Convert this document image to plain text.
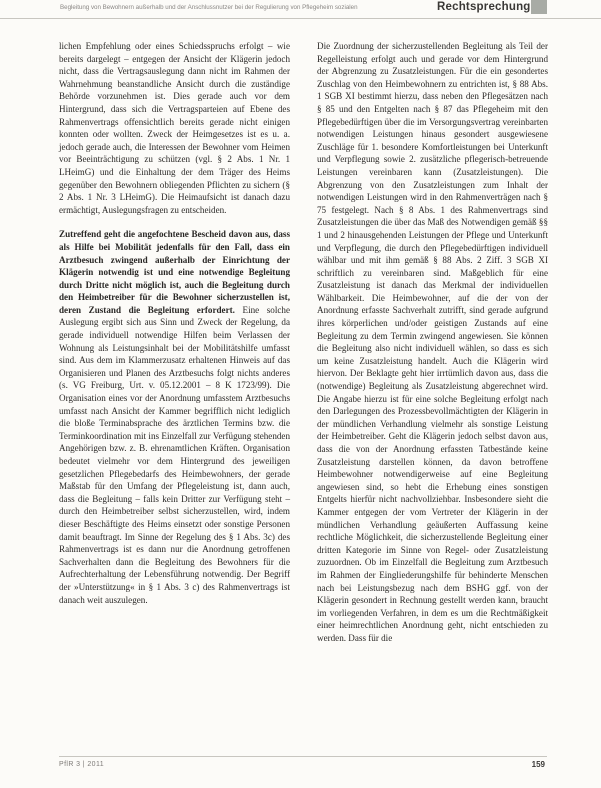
Begleitung von Bewohnern außerhalb und der Anschlussnutzer bei der Regulierung von Pflegeheim sozialen	Rechtsprechung

lichen Empfehlung oder eines Schiedsspruchs erfolgt – wie bereits dargelegt – entgegen der Ansicht der Klägerin jedoch nicht, dass die Vertragsauslegung dann nicht im Rahmen der Wahrnehmung beanstandliche Ansicht durch die zuständige Behörde vorzunehmen ist. Dies gerade auch vor dem Hintergrund, dass sich die Vertragsparteien auf Ebene des Rahmenvertrags offensichtlich bereits gerade nicht einigen konnten oder wollten. Zweck der Heimgesetzes ist es u. a. jedoch gerade auch, die Interessen der Bewohner vom Heimen vor Beeinträchtigung zu schützen (vgl. § 2 Abs. 1 Nr. 1 LHeimG) und die Einhaltung der dem Träger des Heims gegenüber den Bewohnern obliegenden Pflichten zu sichern (§ 2 Abs. 1 Nr. 3 LHeimG). Die Heimaufsicht ist danach dazu ermächtigt, Auslegungsfragen zu entscheiden.

Zutreffend geht die angefochtene Bescheid davon aus, dass als Hilfe bei Mobilität jedenfalls für den Fall, dass ein Arztbesuch zwingend außerhalb der Einrichtung der Klägerin notwendig ist und eine notwendige Begleitung durch Dritte nicht möglich ist, auch die Begleitung durch den Heimbetreiber für die Bewohner sicherzustellen ist, deren Zustand die Begleitung erfordert. Eine solche Auslegung ergibt sich aus Sinn und Zweck der Regelung, da gerade individuell notwendige Hilfen beim Verlassen der Wohnung als Leistungsinhalt bei der Mobilitätshilfe umfasst sind. Aus dem im Klammerzusatz erhaltenen Hinweis auf das Organisieren und Planen des Arztbesuchs folgt nichts anderes (s. VG Freiburg, Urt. v. 05.12.2001 – 8 K 1723/99). Die Organisation eines vor der Anordnung umfasstem Arztbesuchs umfasst nach Ansicht der Kammer begrifflich nicht lediglich die bloße Terminabsprache des ärztlichen Termins bzw. die Terminkoordination mit ins Einzelfall zur Verfügung stehenden Angehörigen bzw. z. B. ehrenamtlichen Kräften. Organisation bedeutet vielmehr vor dem Hintergrund des jeweiligen gesetzlichen Pflegebedarfs des Heimbewohners, der gerade Maßstab für den Umfang der Pflegeleistung ist, dann auch, dass die Begleitung – falls kein Dritter zur Verfügung steht – durch den Heimbetreiber selbst sicherzustellen, wird, indem dieser Beschäftigte des Heims einsetzt oder sonstige Personen damit beauftragt. Im Sinne der Regelung des § 1 Abs. 3c) des Rahmenvertrags ist es dann nur die Anordnung getroffenen Sachverhalten dann die Begleitung des Bewohners für die Aufrechterhaltung der Lebensführung notwendig. Der Begriff der »Unterstützung« in § 1 Abs. 3 c) des Rahmenvertrags ist danach weit auszulegen.

Die Zuordnung der sicherzustellenden Begleitung als Teil der Regelleistung erfolgt auch und gerade vor dem Hintergrund der Abgrenzung zu Zusatzleistungen. Für die ein gesondertes Zuschlag von den Heimbewohnern zu entrichten ist, § 88 Abs. 1 SGB XI bestimmt hierzu, dass neben den Pflegesätzen nach § 85 und den Entgelten nach § 87 das Pflegeheim mit den Pflegebedürftigen über die im Versorgungsvertrag vereinbarten notwendigen Leistungen hinaus gesondert ausgewiesene Zuschläge für 1. besondere Komfortleistungen bei Unterkunft und Verpflegung sowie 2. zusätzliche pflegerisch-betreuende Leistungen vereinbaren kann (Zusatzleistungen). Die Abgrenzung von den Zusatzleistungen zum Inhalt der notwendigen Leistungen wird in den Rahmenverträgen nach § 75 festgelegt. Nach § 8 Abs. 1 des Rahmenvertrags sind Zusatzleistungen die über das Maß des Notwendigen gemäß §§ 1 und 2 hinausgehenden Leistungen der Pflege und Unterkunft und Verpflegung, die durch den Pflegebedürftigen individuell wählbar und mit ihm gemäß § 88 Abs. 2 Ziff. 3 SGB XI schriftlich zu vereinbaren sind. Maßgeblich für eine Zusatzleistung ist danach das Merkmal der individuellen Wählbarkeit. Die Heimbewohner, auf die der von der Anordnung erfasste Sachverhalt zutrifft, sind gerade aufgrund ihres körperlichen und/oder geistigen Zustands auf eine Begleitung zu dem Termin zwingend angewiesen. Sie können die Begleitung also nicht individuell wählen, so dass es sich um keine Zusatzleistung handelt. Auch die Klägerin wird hiervon. Der Beklagte geht hier irrtümlich davon aus, dass die (notwendige) Begleitung als Zusatzleistung abgerechnet wird. Die Angabe hierzu ist für eine solche Begleitung erfolgt nach den Darlegungen des Prozessbevollmächtigten der Klägerin in der mündlichen Verhandlung vielmehr als sonstige Leistung der Heimbetreiber. Geht die Klägerin jedoch selbst davon aus, dass die von der Anordnung erfassten Tatbestände keine Zusatzleistung darstellen können, da davon betroffene Heimbewohner notwendigerweise auf eine Begleitung angewiesen sind, so hebt die Erhebung eines sonstigen Entgelts hierfür nicht nachvollziehbar. Insbesondere sieht die Kammer entgegen der vom Vertreter der Klägerin in der mündlichen Verhandlung geäußerten Auffassung keine rechtliche Möglichkeit, die sicherzustellende Begleitung einer dritten Kategorie im Sinne von Regel- oder Zusatzleistung zuzuordnen. Ob im Einzelfall die Begleitung zum Arztbesuch im Rahmen der Eingliederungshilfe für behinderte Menschen nach bei Leistungsbezug nach dem BSHG ggf. von der Klägerin gesondert in Rechnung gestellt werden kann, braucht im vorliegenden Verfahren, in dem es um die Rechtmäßigkeit einer heimrechtlichen Anordnung geht, nicht entschieden zu werden. Dass für die

PflR 3 | 2011	159
